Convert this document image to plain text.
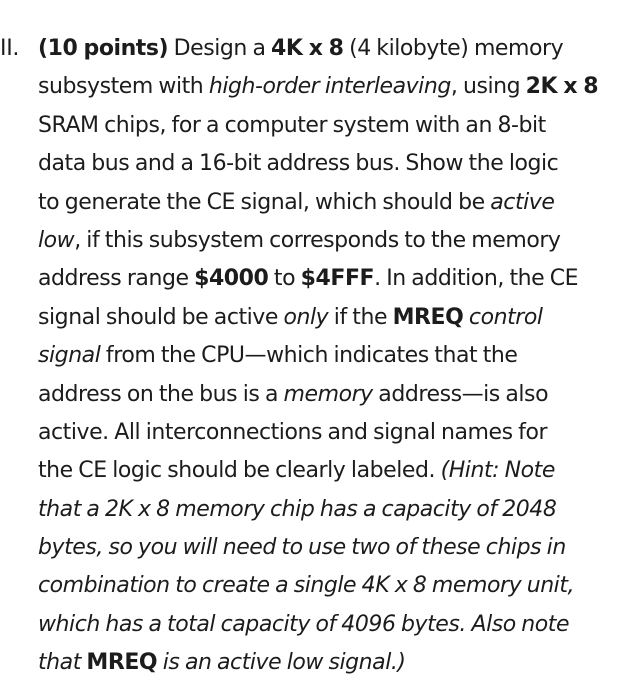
II. (10 points) Design a 4K x 8 (4 kilobyte) memory
subsystem with high-order interleaving, using 2K x 8
SRAM chips, for a computer system with an 8-bit
data bus and a 16-bit address bus. Show the logic
to generate the CE signal, which should be active
low, if this subsystem corresponds to the memory
address range $4000 to $4FFF. In addition, the CE
signal should be active only if the MREQ control
signal from the CPU—which indicates that the
address on the bus is a memory address—is also
active. All interconnections and signal names for
the CE logic should be clearly labeled. (Hint: Note
that a 2K x 8 memory chip has a capacity of 2048
bytes, so you will need to use two of these chips in
combination to create a single 4K x 8 memory unit,
which has a total capacity of 4096 bytes. Also note
that MREQ is an active low signal.)
